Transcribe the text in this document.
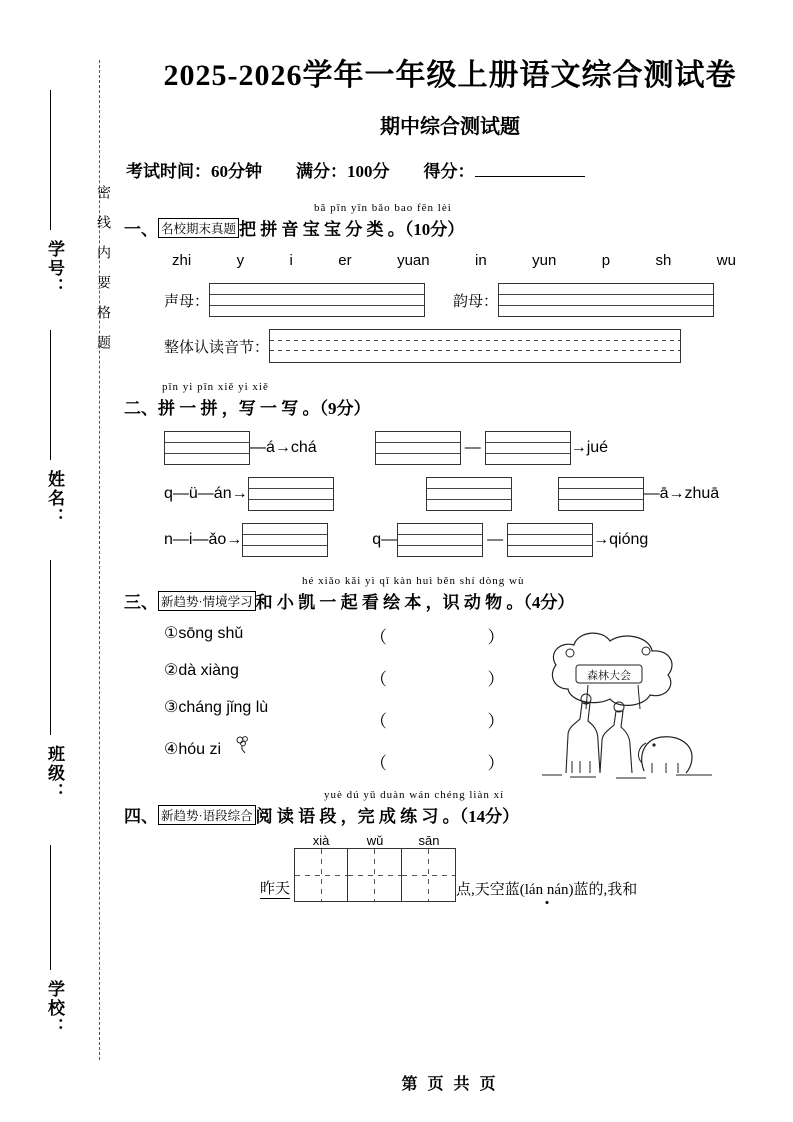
学号：
姓名：
班级：
学校：
密线内要格题
2025-2026学年一年级上册语文综合测试卷
期中综合测试题
考试时间：60分钟 满分：100分 得分：
bǎ pīn yīn bǎo bao fēn lèi
一、 名校期末真题 把 拼 音 宝 宝 分 类 。（10分）
zhi	y	i	er	yuan	in	yun	p	sh	wu
声母：	韵母：
整体认读音节：
pīn yi pīn xiě yi xiě
二、拼 一 拼 ，写 一 写 。（9分）
—á→chá	—	→jué
q—ü—án→	—ā→zhuā
n—i—ǎo→	q—	—	→qióng
hé xiǎo kǎi yì qǐ kàn huì běn shí dòng wù
三、 新趋势·情境学习 和 小 凯 一 起 看 绘 本 ，识 动 物 。（4分）
①sōng shǔ
②dà xiàng
③cháng jǐng lù
④hóu zi
（	）
（	）
（	）
（	）
森林大会
yuè dú yǔ duàn wán chéng liàn xí
四、 新趋势·语段综合 阅 读 语 段 ，完 成 练 习 。（14分）
昨天
xià	wǔ	sān
点,天空蓝(lán nán)蓝的,我和
第 页 共 页
